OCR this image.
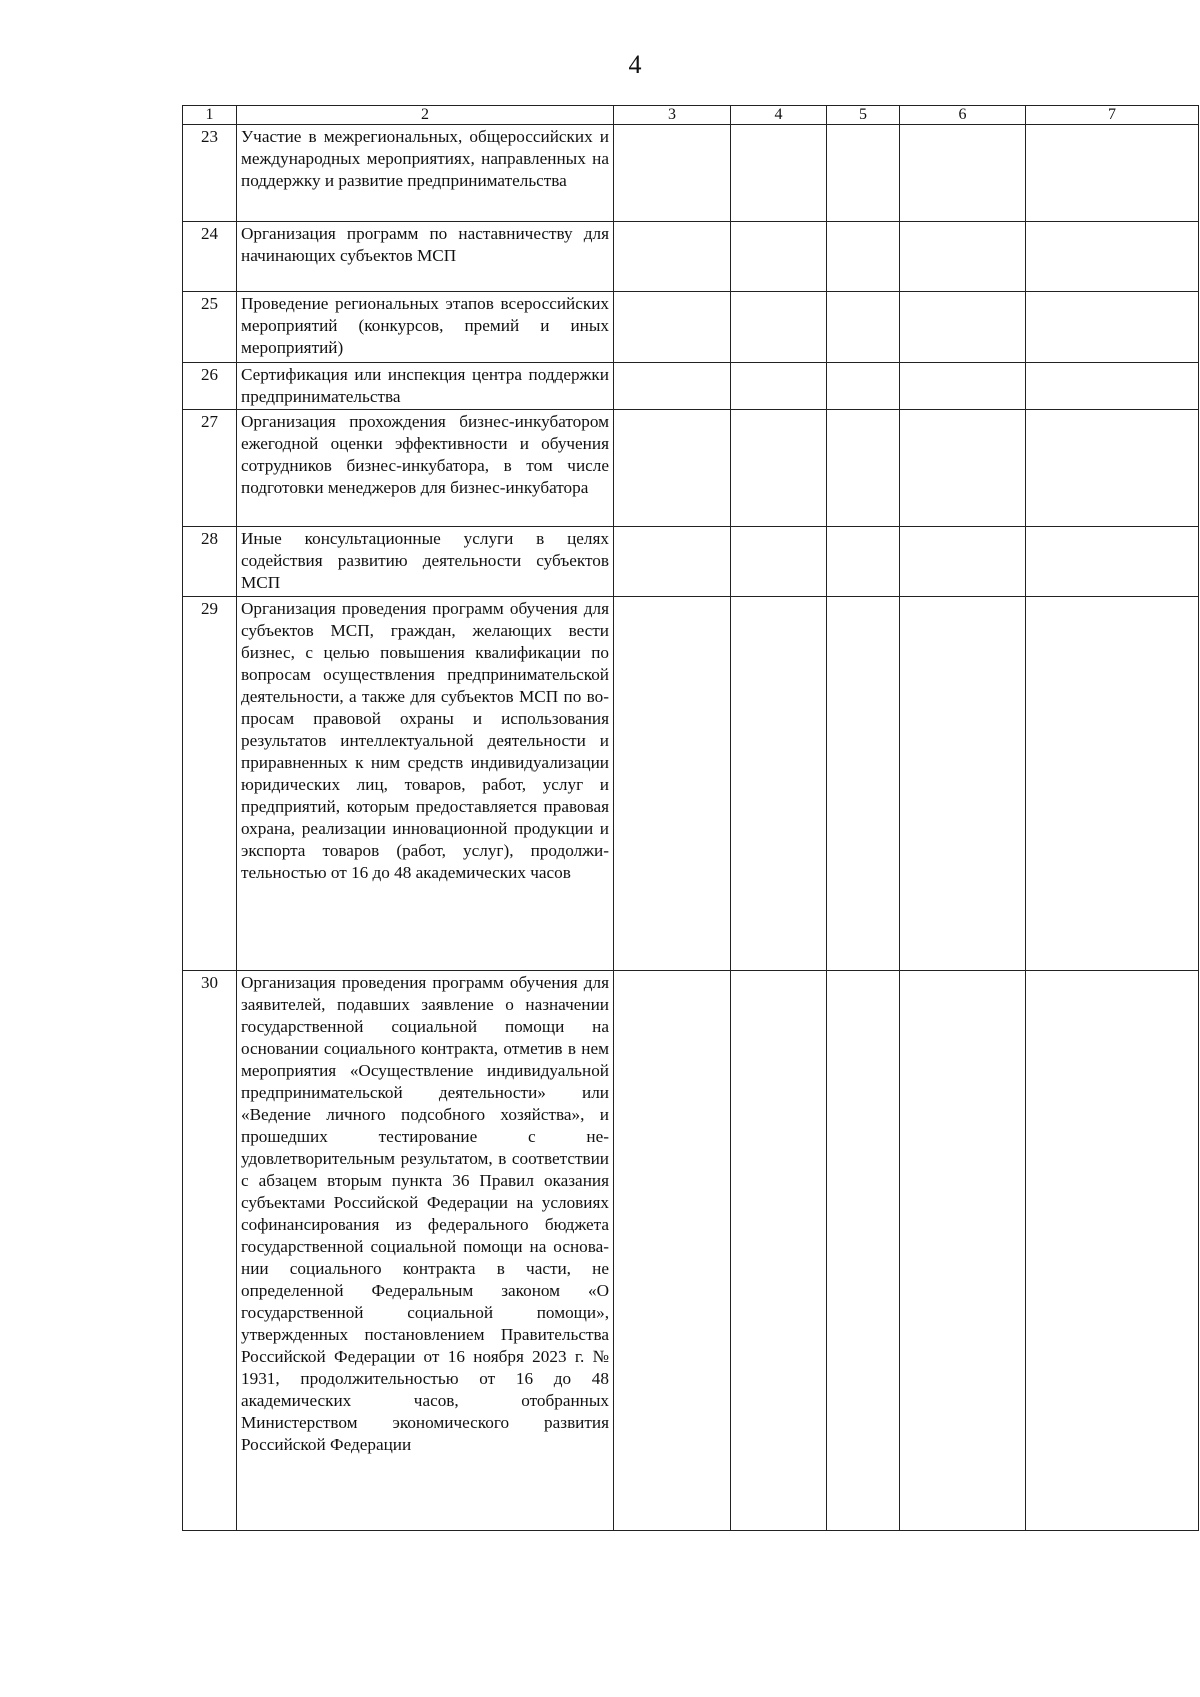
4
1	2	3	4	5	6	7
23	Участие в межрегиональных, общероссийских и международных мероприятиях, направленных на поддержку и развитие предпринимательства					
24	Организация программ по наставничеству для начинающих субъектов МСП					
25	Проведение региональных этапов всероссийских мероприятий (конкурсов, премий и иных мероприятий)					
26	Сертификация или инспекция центра поддержки предпринимательства					
27	Организация прохождения бизнес-инкубатором ежегодной оценки эффективности и обучения сотрудников бизнес-инкубатора, в том числе подготовки менеджеров для бизнес-инкубатора					
28	Иные консультационные услуги в целях содействия развитию деятельности субъектов МСП					
29	Организация проведения программ обучения для субъектов МСП, граждан, желающих вести бизнес, с целью повышения квалификации по вопросам осуществления предпринимательской деятельности, а также для субъектов МСП по вопросам правовой охраны и использования результатов интеллектуальной деятельности и приравненных к ним средств индивидуализации юридических лиц, товаров, работ, услуг и предприятий, которым предоставляется правовая охрана, реализации инновационной продукции и экспорта товаров (работ, услуг), продолжительностью от 16 до 48 академических часов					
30	Организация проведения программ обучения для заявителей, подавших заявление о назначении государственной социальной помощи на основании социального контракта, отметив в нем мероприятия «Осуществление индивидуальной предпринимательской деятельности» или «Ведение личного подсобного хозяйства», и прошедших тестирование с неудовлетворительным результатом, в соответствии с абзацем вторым пункта 36 Правил оказания субъектами Российской Федерации на условиях софинансирования из федерального бюджета государственной социальной помощи на основании социального контракта в части, не определенной Федеральным законом «О государственной социальной помощи», утвержденных постановлением Правительства Российской Федерации от 16 ноября 2023 г. № 1931, продолжительностью от 16 до 48 академических часов, отобранных Министерством экономического развития Российской Федерации					
